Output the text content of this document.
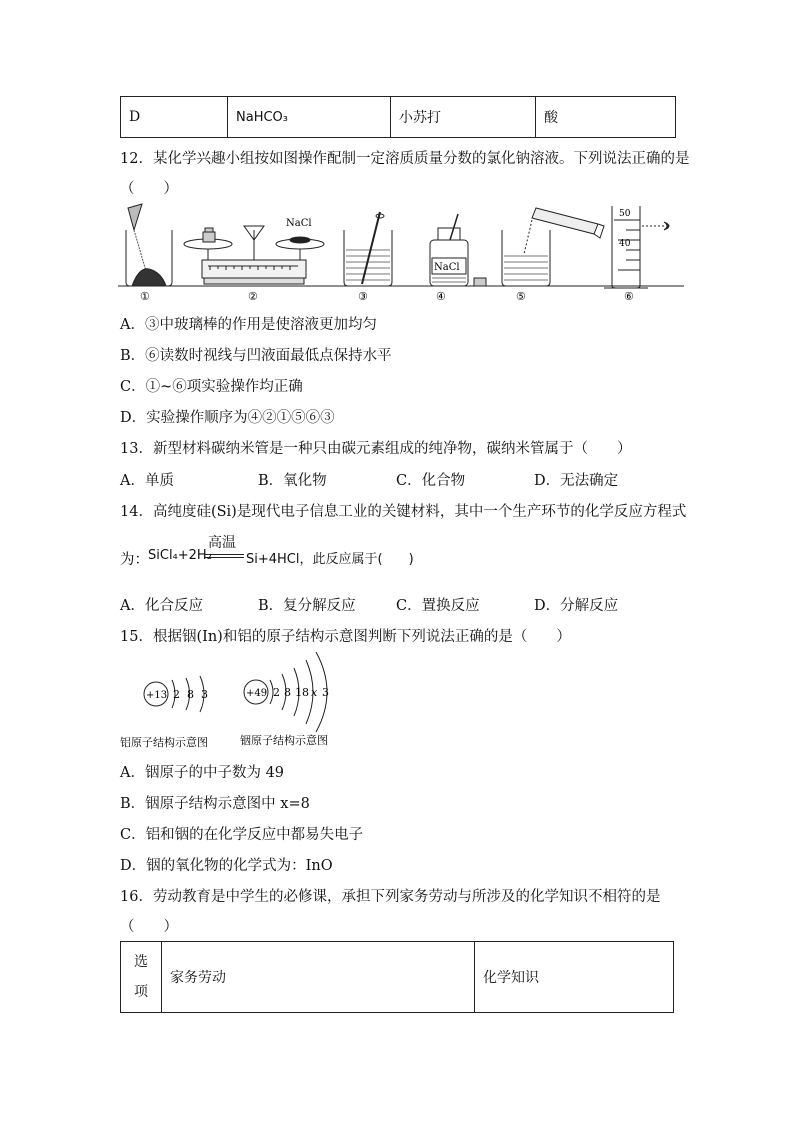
D	NaHCO₃	小苏打	酸
12．某化学兴趣小组按如图操作配制一定溶质质量分数的氯化钠溶液。下列说法正确的是
（　　）
NaCl
NaCl
50
40
①	②	③	④	⑤	⑥
A．③中玻璃棒的作用是使溶液更加均匀
B．⑥读数时视线与凹液面最低点保持水平
C．①~⑥项实验操作均正确
D．实验操作顺序为④②①⑤⑥③
13．新型材料碳纳米管是一种只由碳元素组成的纯净物，碳纳米管属于（　　）
A．单质	B．氧化物	C．化合物	D．无法确定
14．高纯度硅(Si)是现代电子信息工业的关键材料，其中一个生产环节的化学反应方程式
为： SiCl₄+2H₂
高温
Si+4HCl，此反应属于(　　)
A．化合反应	B．复分解反应	C．置换反应	D．分解反应
15．根据铟(In)和铝的原子结构示意图判断下列说法正确的是（　　）
+13 2 8 3
铝原子结构示意图
+49 2 8 18 x 3
铟原子结构示意图
A．铟原子的中子数为 49
B．铟原子结构示意图中 x=8
C．铝和铟的在化学反应中都易失电子
D．铟的氧化物的化学式为：InO
16．劳动教育是中学生的必修课，承担下列家务劳动与所涉及的化学知识不相符的是
（　　）
选
项	家务劳动	化学知识
